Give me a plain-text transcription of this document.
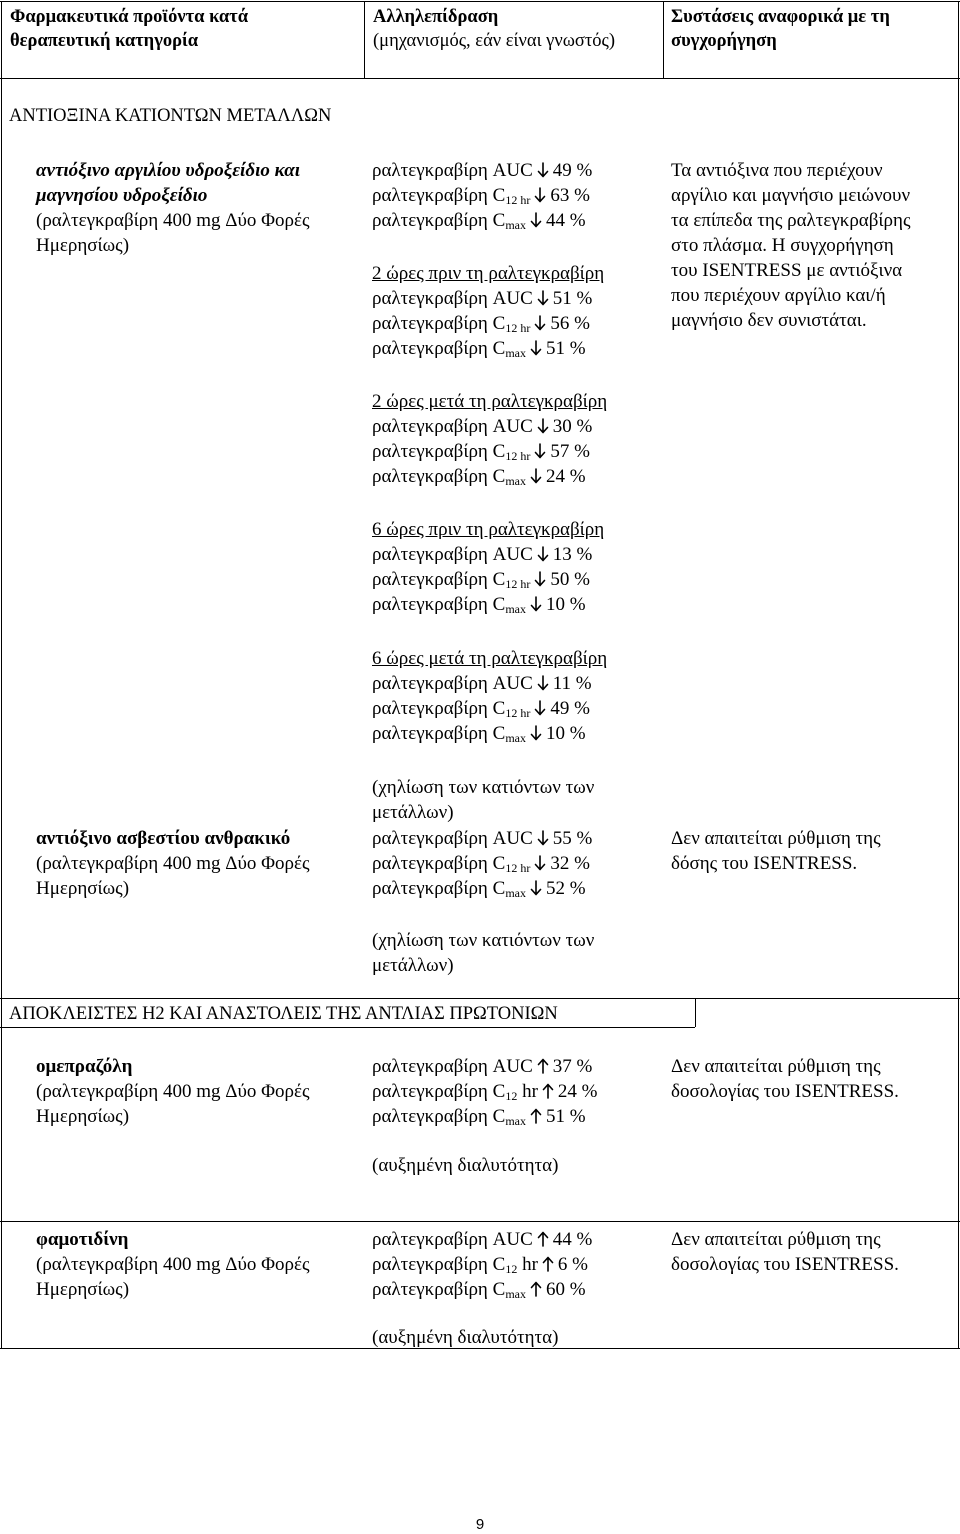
Φαρμακευτικά προϊόντα κατά
θεραπευτική κατηγορία
Αλληλεπίδραση
(μηχανισμός, εάν είναι γνωστός)
Συστάσεις αναφορικά με τη
συγχορήγηση
ΑΝΤΙΟΞΙΝΑ ΚΑΤΙΟΝΤΩΝ ΜΕΤΑΛΛΩΝ
αντιόξινο αργιλίου υδροξείδιο και
μαγνησίου υδροξείδιο
(ραλτεγκραβίρη 400 mg Δύο Φορές
Ημερησίως)
ραλτεγκραβίρη AUC 49 %
ραλτεγκραβίρη $C_{12 hr}$ 63 %
ραλτεγκραβίρη $C_{max}$ 44 %
2 ώρες πριν τη ραλτεγκραβίρη
ραλτεγκραβίρη AUC 51 %
ραλτεγκραβίρη $C_{12 hr}$ 56 %
ραλτεγκραβίρη $C_{max}$ 51 %
2 ώρες μετά τη ραλτεγκραβίρη
ραλτεγκραβίρη AUC 30 %
ραλτεγκραβίρη $C_{12 hr}$ 57 %
ραλτεγκραβίρη $C_{max}$ 24 %
6 ώρες πριν τη ραλτεγκραβίρη
ραλτεγκραβίρη AUC 13 %
ραλτεγκραβίρη $C_{12 hr}$ 50 %
ραλτεγκραβίρη $C_{max}$ 10 %
6 ώρες μετά τη ραλτεγκραβίρη
ραλτεγκραβίρη AUC 11 %
ραλτεγκραβίρη $C_{12 hr}$ 49 %
ραλτεγκραβίρη $C_{max}$ 10 %
(χηλίωση των κατιόντων των μετάλλων)
Τα αντιόξινα που περιέχουν
αργίλιο και μαγνήσιο μειώνουν
τα επίπεδα της ραλτεγκραβίρης
στο πλάσμα. Η συγχορήγηση
του ISENTRESS με αντιόξινα
που περιέχουν αργίλιο και/ή
μαγνήσιο δεν συνιστάται.
αντιόξινο ασβεστίου ανθρακικό
(ραλτεγκραβίρη 400 mg Δύο Φορές
Ημερησίως)
ραλτεγκραβίρη AUC 55 %
ραλτεγκραβίρη $C_{12 hr}$ 32 %
ραλτεγκραβίρη $C_{max}$ 52 %
(χηλίωση των κατιόντων των μετάλλων)
Δεν απαιτείται ρύθμιση της
δόσης του ISENTRESS.
ΑΠΟΚΛΕΙΣΤΕΣ H2 ΚΑΙ ΑΝΑΣΤΟΛΕΙΣ ΤΗΣ ΑΝΤΛΙΑΣ ΠΡΩΤΟΝΙΩΝ
ομεπραζόλη
(ραλτεγκραβίρη 400 mg Δύο Φορές
Ημερησίως)
ραλτεγκραβίρη AUC 37 %
ραλτεγκραβίρη $C_{12}$ hr 24 %
ραλτεγκραβίρη $C_{max}$ 51 %
(αυξημένη διαλυτότητα)
Δεν απαιτείται ρύθμιση της
δοσολογίας του ISENTRESS.
φαμοτιδίνη
(ραλτεγκραβίρη 400 mg Δύο Φορές
Ημερησίως)
ραλτεγκραβίρη AUC 44 %
ραλτεγκραβίρη $C_{12}$ hr 6 %
ραλτεγκραβίρη $C_{max}$ 60 %
(αυξημένη διαλυτότητα)
Δεν απαιτείται ρύθμιση της
δοσολογίας του ISENTRESS.
9
